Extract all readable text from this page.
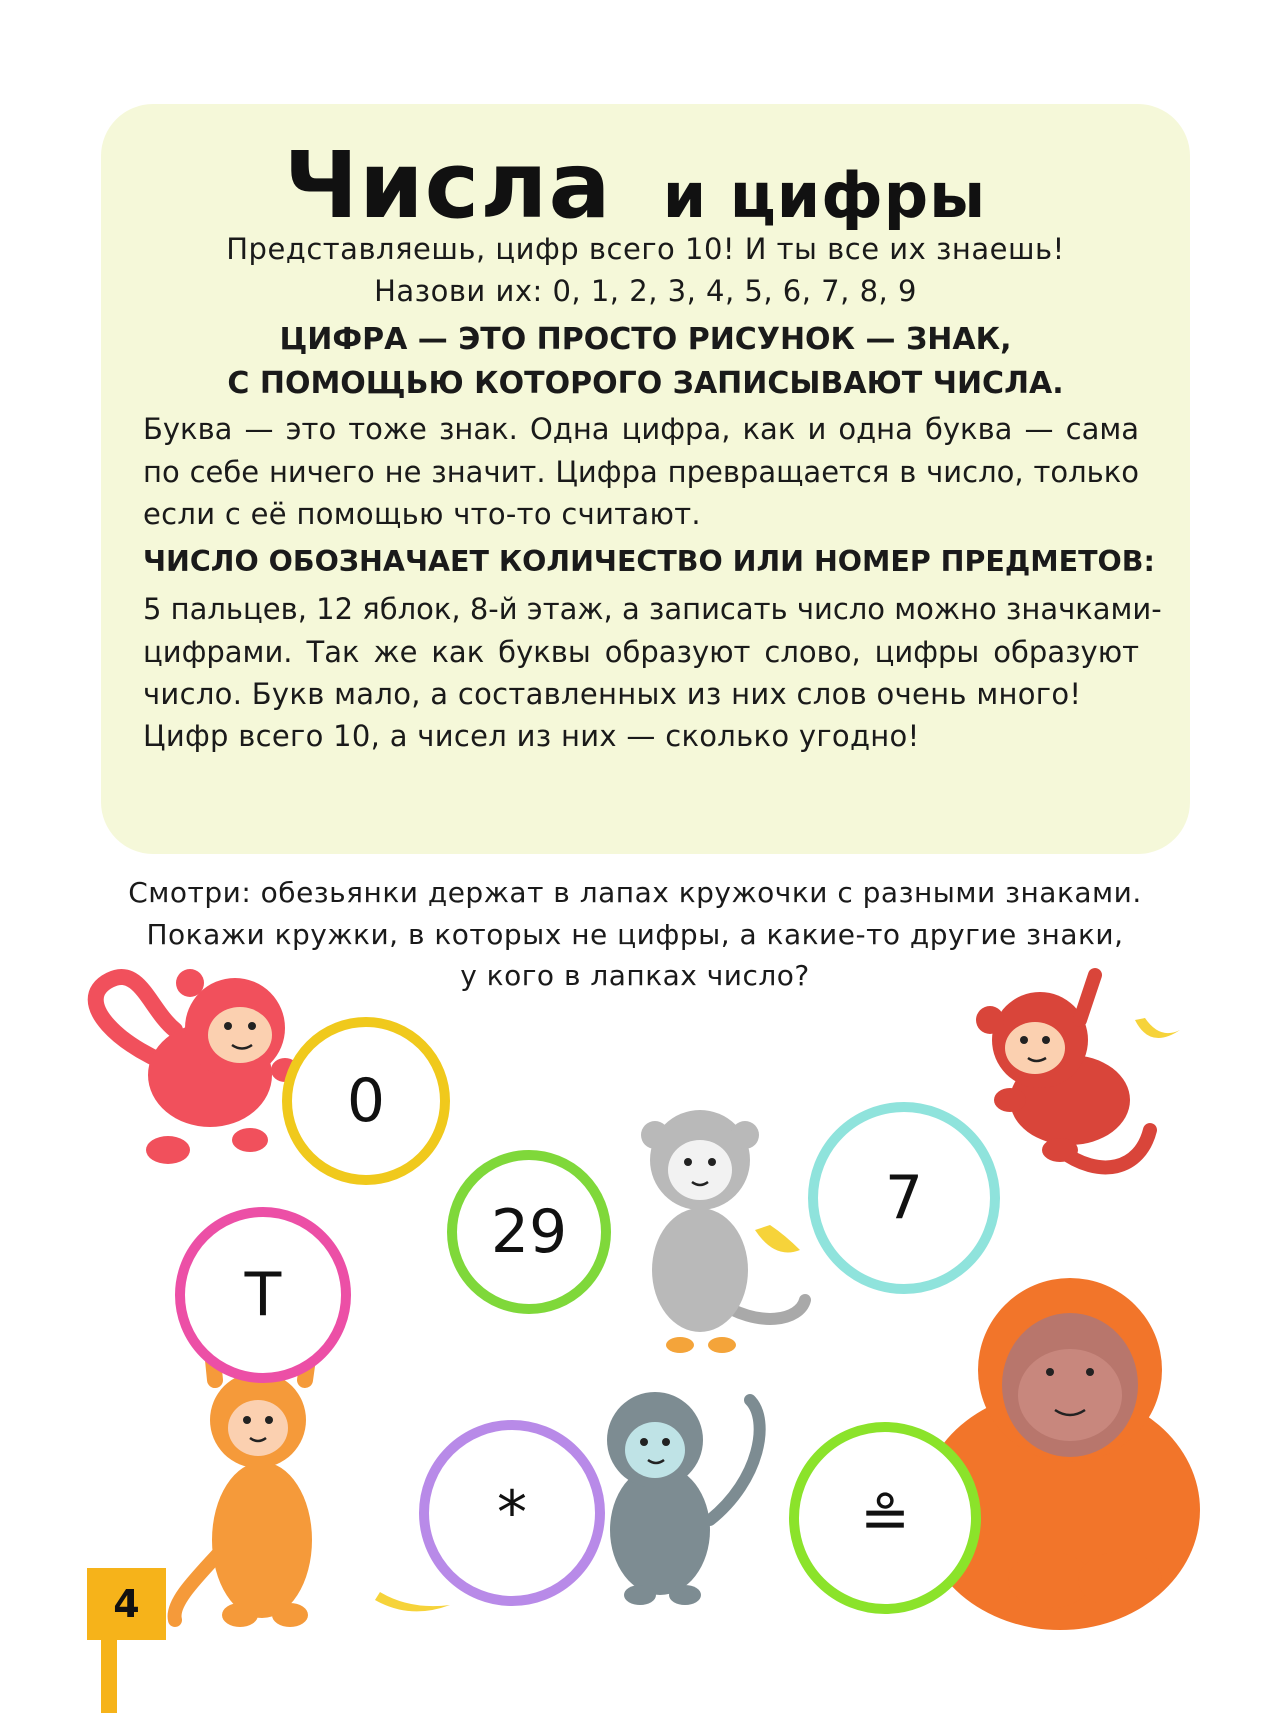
Числа и цифры
Представляешь, цифр всего 10! И ты все их знаешь!
Назови их: 0, 1, 2, 3, 4, 5, 6, 7, 8, 9
ЦИФРА — ЭТО ПРОСТО РИСУНОК — ЗНАК,
С ПОМОЩЬЮ КОТОРОГО ЗАПИСЫВАЮТ ЧИСЛА.
Буква — это тоже знак. Одна цифра, как и одна буква — сама
по себе ничего не значит. Цифра превращается в число, только
если с её помощью что-то считают.
ЧИСЛО ОБОЗНАЧАЕТ КОЛИЧЕСТВО ИЛИ НОМЕР ПРЕДМЕТОВ:
5 пальцев, 12 яблок, 8-й этаж, а записать число можно значками-
цифрами. Так же как буквы образуют слово, цифры образуют
число. Букв мало, а составленных из них слов очень много!
Цифр всего 10, а чисел из них — сколько угодно!
Смотри: обезьянки держат в лапах кружочки с разными знаками.
Покажи кружки, в которых не цифры, а какие-то другие знаки,
у кого в лапках число?
0
29	7
Т
*	≗
4
